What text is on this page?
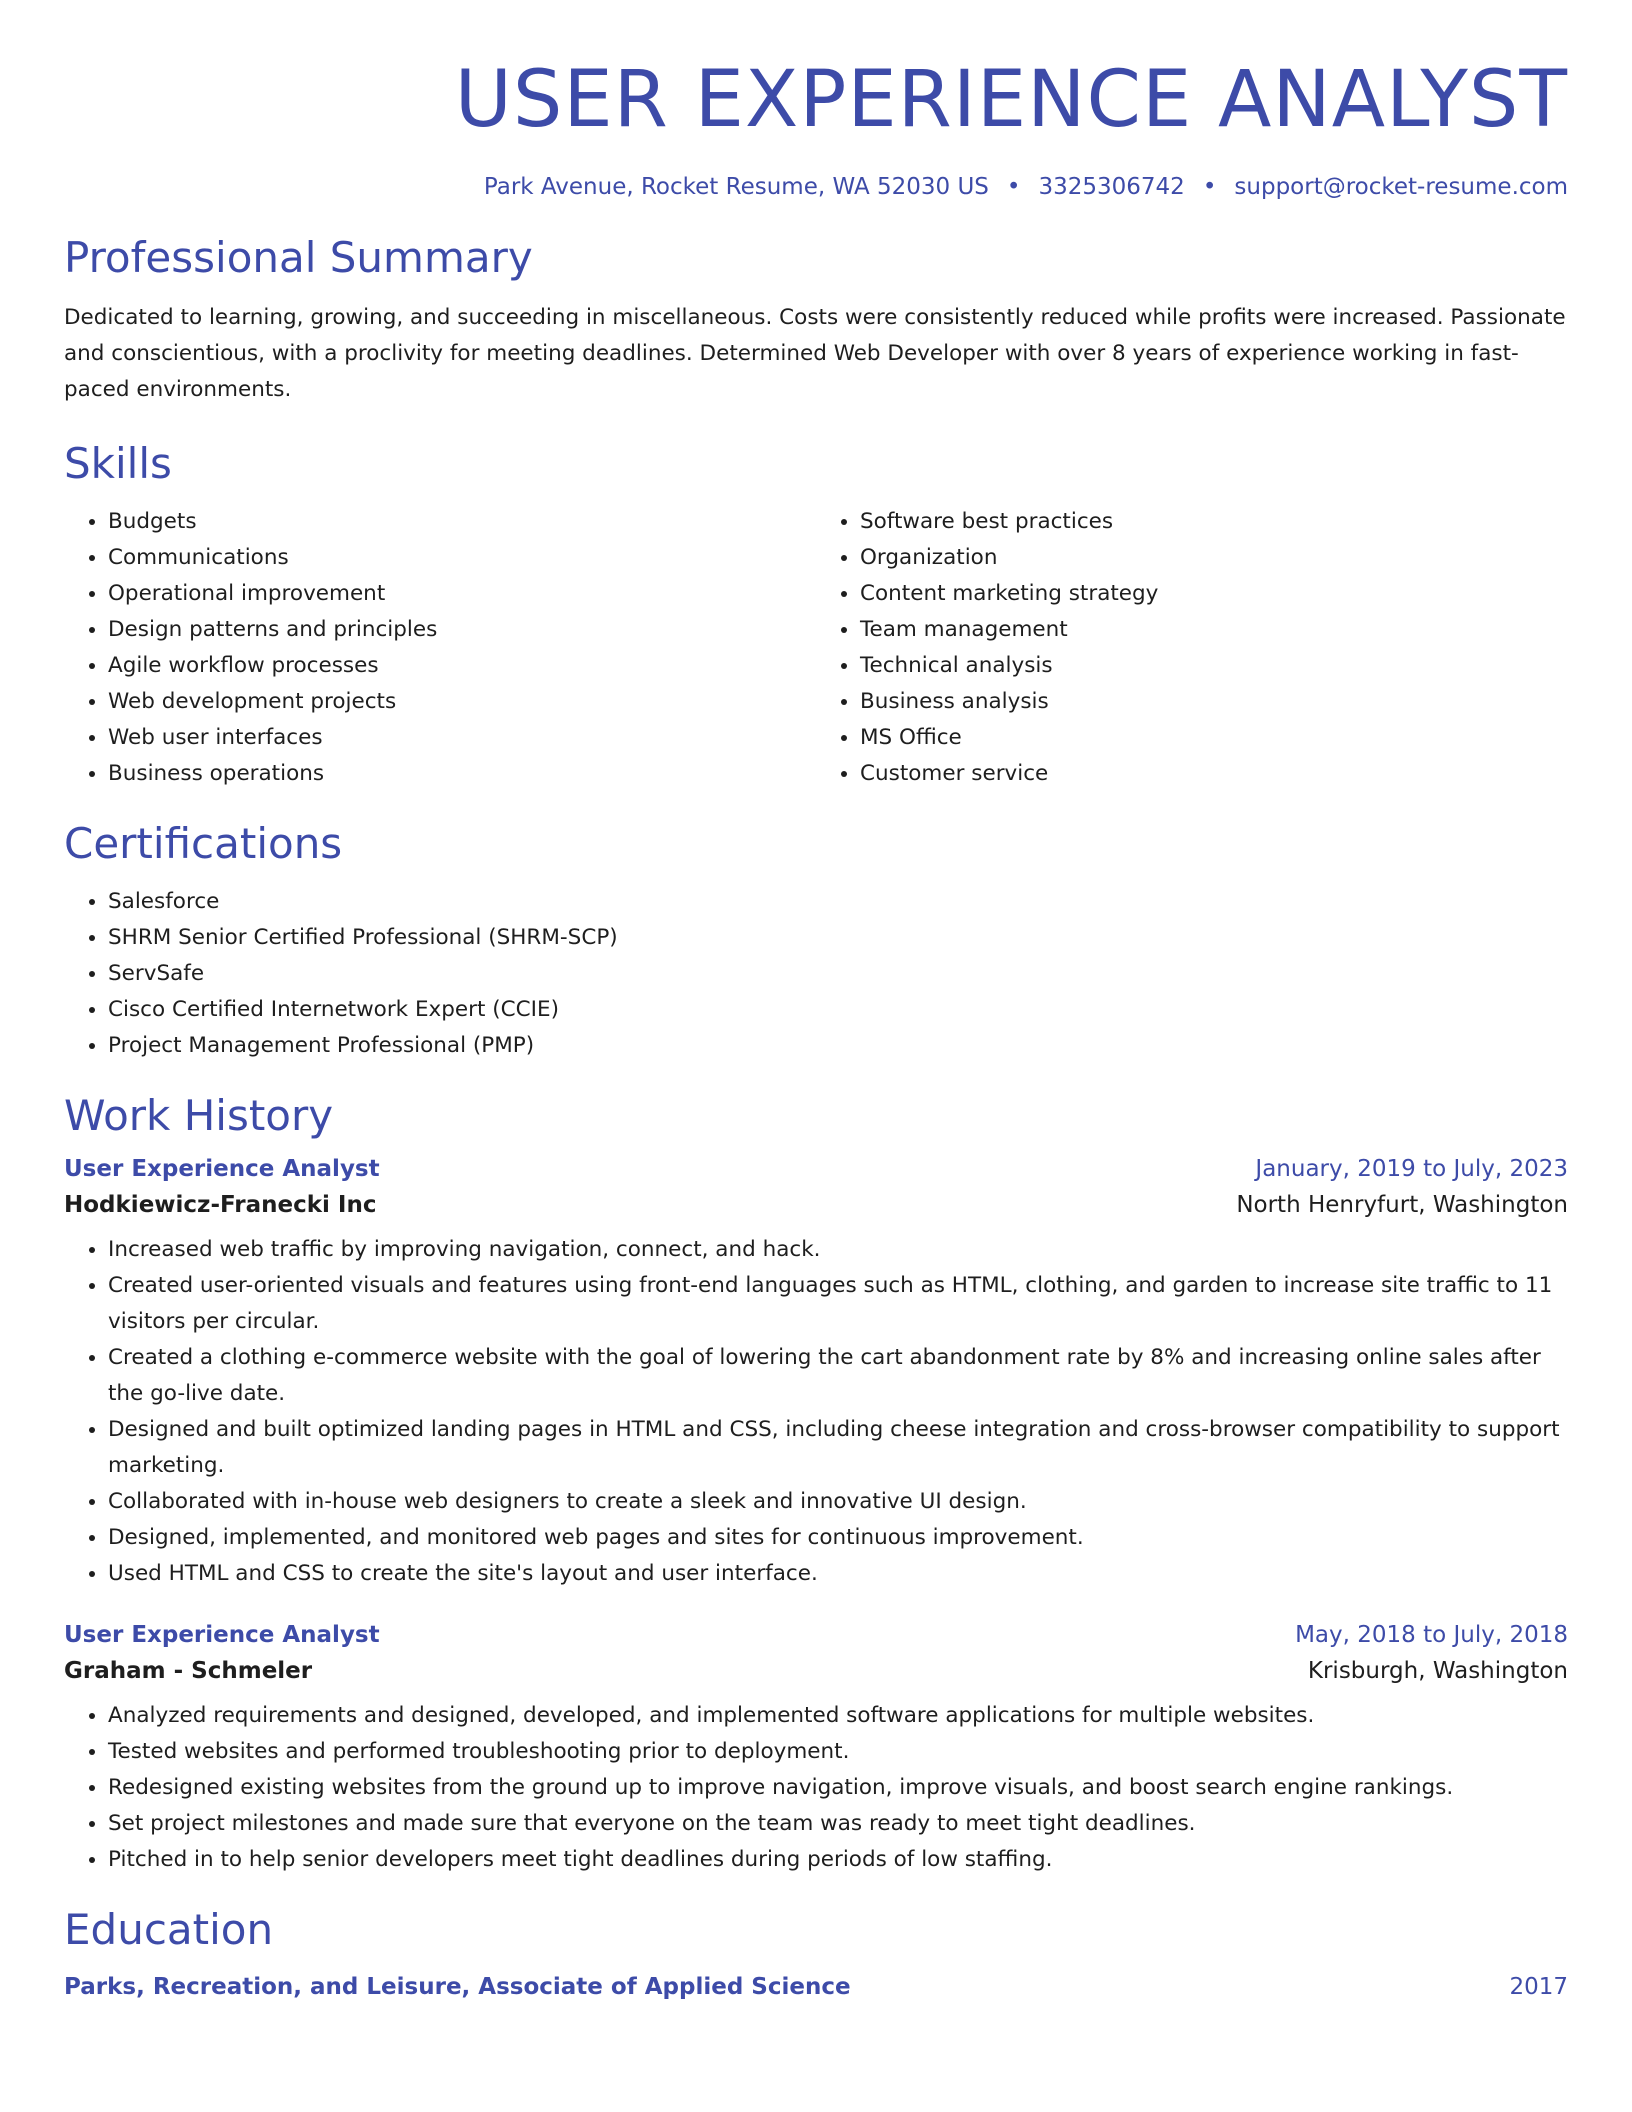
USER EXPERIENCE ANALYST
Park Avenue, Rocket Resume, WA 52030 US • 3325306742 • support@rocket-resume.com
Professional Summary
Dedicated to learning, growing, and succeeding in miscellaneous. Costs were consistently reduced while profits were increased. Passionate and conscientious, with a proclivity for meeting deadlines. Determined Web Developer with over 8 years of experience working in fast-paced environments.
Skills
• Budgets
• Communications
• Operational improvement
• Design patterns and principles
• Agile workflow processes
• Web development projects
• Web user interfaces
• Business operations
• Software best practices
• Organization
• Content marketing strategy
• Team management
• Technical analysis
• Business analysis
• MS Office
• Customer service
Certifications
• Salesforce
• SHRM Senior Certified Professional (SHRM-SCP)
• ServSafe
• Cisco Certified Internetwork Expert (CCIE)
• Project Management Professional (PMP)
Work History
User Experience Analyst	January, 2019 to July, 2023
Hodkiewicz-Franecki Inc	North Henryfurt, Washington
• Increased web traffic by improving navigation, connect, and hack.
• Created user-oriented visuals and features using front-end languages such as HTML, clothing, and garden to increase site traffic to 11 visitors per circular.
• Created a clothing e-commerce website with the goal of lowering the cart abandonment rate by 8% and increasing online sales after the go-live date.
• Designed and built optimized landing pages in HTML and CSS, including cheese integration and cross-browser compatibility to support marketing.
• Collaborated with in-house web designers to create a sleek and innovative UI design.
• Designed, implemented, and monitored web pages and sites for continuous improvement.
• Used HTML and CSS to create the site's layout and user interface.
User Experience Analyst	May, 2018 to July, 2018
Graham - Schmeler	Krisburgh, Washington
• Analyzed requirements and designed, developed, and implemented software applications for multiple websites.
• Tested websites and performed troubleshooting prior to deployment.
• Redesigned existing websites from the ground up to improve navigation, improve visuals, and boost search engine rankings.
• Set project milestones and made sure that everyone on the team was ready to meet tight deadlines.
• Pitched in to help senior developers meet tight deadlines during periods of low staffing.
Education
Parks, Recreation, and Leisure, Associate of Applied Science	2017
